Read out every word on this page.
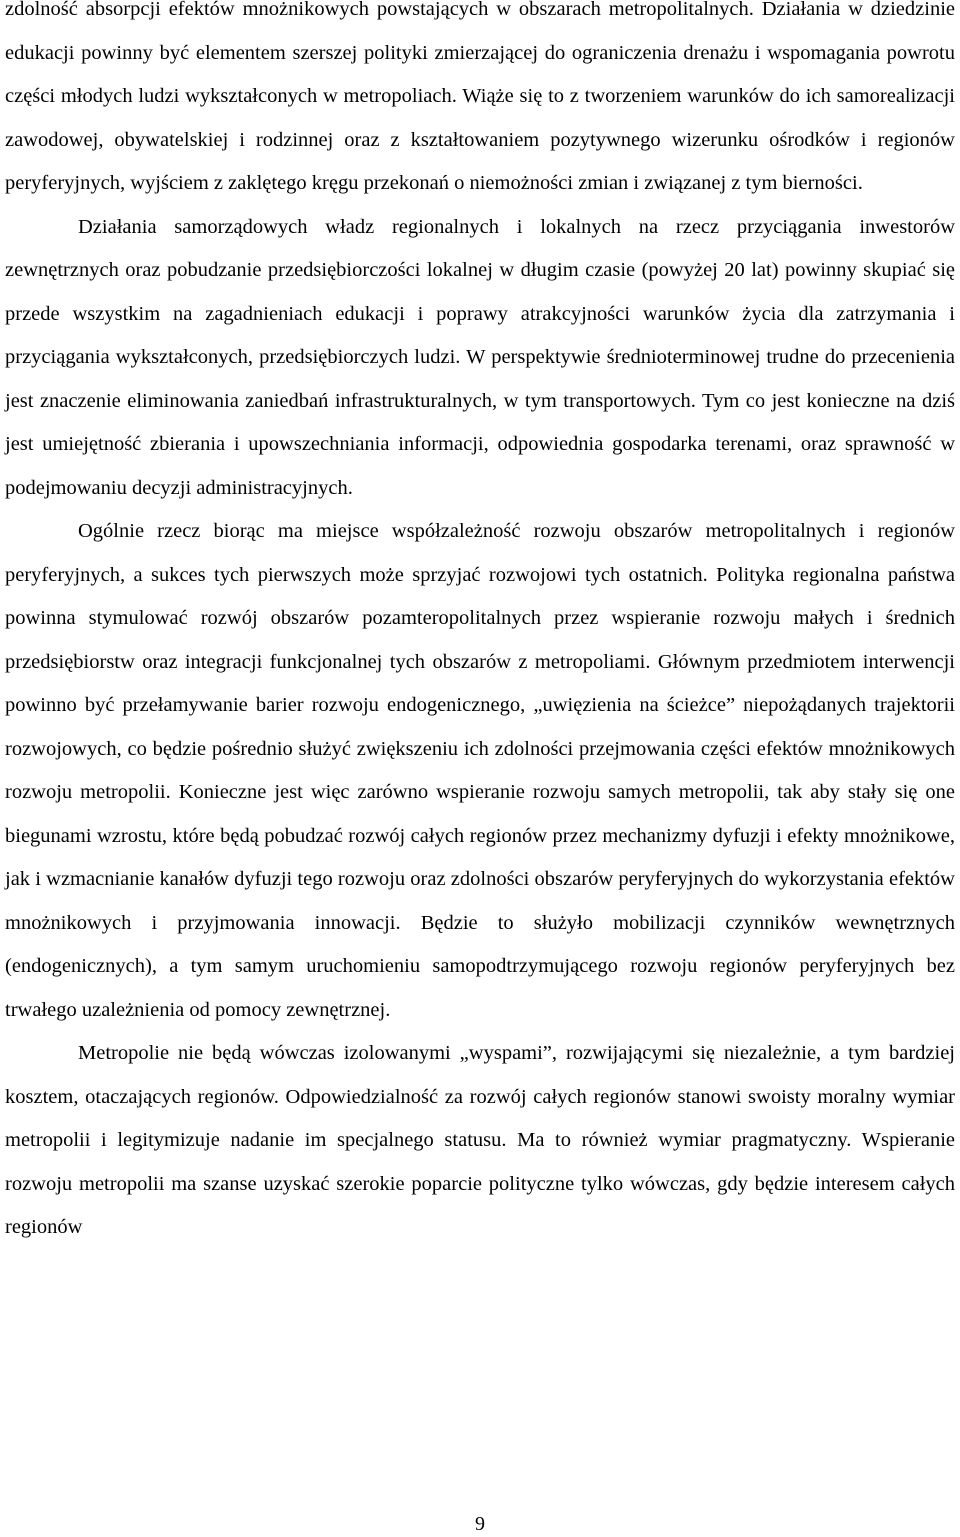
zdolność absorpcji efektów mnożnikowych powstających w obszarach metropolitalnych. Działania w dziedzinie edukacji powinny być elementem szerszej polityki zmierzającej do ograniczenia drenażu i wspomagania powrotu części młodych ludzi wykształconych w metropoliach. Wiąże się to z tworzeniem warunków do ich samorealizacji zawodowej, obywatelskiej i rodzinnej oraz z kształtowaniem pozytywnego wizerunku ośrodków i regionów peryferyjnych, wyjściem z zaklętego kręgu przekonań o niemożności zmian i związanej z tym bierności.

Działania samorządowych władz regionalnych i lokalnych na rzecz przyciągania inwestorów zewnętrznych oraz pobudzanie przedsiębiorczości lokalnej w długim czasie (powyżej 20 lat) powinny skupiać się przede wszystkim na zagadnieniach edukacji i poprawy atrakcyjności warunków życia dla zatrzymania i przyciągania wykształconych, przedsiębiorczych ludzi. W perspektywie średnioterminowej trudne do przecenienia jest znaczenie eliminowania zaniedbań infrastrukturalnych, w tym transportowych. Tym co jest konieczne na dziś jest umiejętność zbierania i upowszechniania informacji, odpowiednia gospodarka terenami, oraz sprawność w podejmowaniu decyzji administracyjnych.

Ogólnie rzecz biorąc ma miejsce współzależność rozwoju obszarów metropolitalnych i regionów peryferyjnych, a sukces tych pierwszych może sprzyjać rozwojowi tych ostatnich. Polityka regionalna państwa powinna stymulować rozwój obszarów pozamteropolitalnych przez wspieranie rozwoju małych i średnich przedsiębiorstw oraz integracji funkcjonalnej tych obszarów z metropoliami. Głównym przedmiotem interwencji powinno być przełamywanie barier rozwoju endogenicznego, „uwięzienia na ścieżce” niepożądanych trajektorii rozwojowych, co będzie pośrednio służyć zwiększeniu ich zdolności przejmowania części efektów mnożnikowych rozwoju metropolii. Konieczne jest więc zarówno wspieranie rozwoju samych metropolii, tak aby stały się one biegunami wzrostu, które będą pobudzać rozwój całych regionów przez mechanizmy dyfuzji i efekty mnożnikowe, jak i wzmacnianie kanałów dyfuzji tego rozwoju oraz zdolności obszarów peryferyjnych do wykorzystania efektów mnożnikowych i przyjmowania innowacji. Będzie to służyło mobilizacji czynników wewnętrznych (endogenicznych), a tym samym uruchomieniu samopodtrzymującego rozwoju regionów peryferyjnych bez trwałego uzależnienia od pomocy zewnętrznej.

Metropolie nie będą wówczas izolowanymi „wyspami”, rozwijającymi się niezależnie, a tym bardziej kosztem, otaczających regionów. Odpowiedzialność za rozwój całych regionów stanowi swoisty moralny wymiar metropolii i legitymizuje nadanie im specjalnego statusu. Ma to również wymiar pragmatyczny. Wspieranie rozwoju metropolii ma szanse uzyskać szerokie poparcie polityczne tylko wówczas, gdy będzie interesem całych regionów

9
